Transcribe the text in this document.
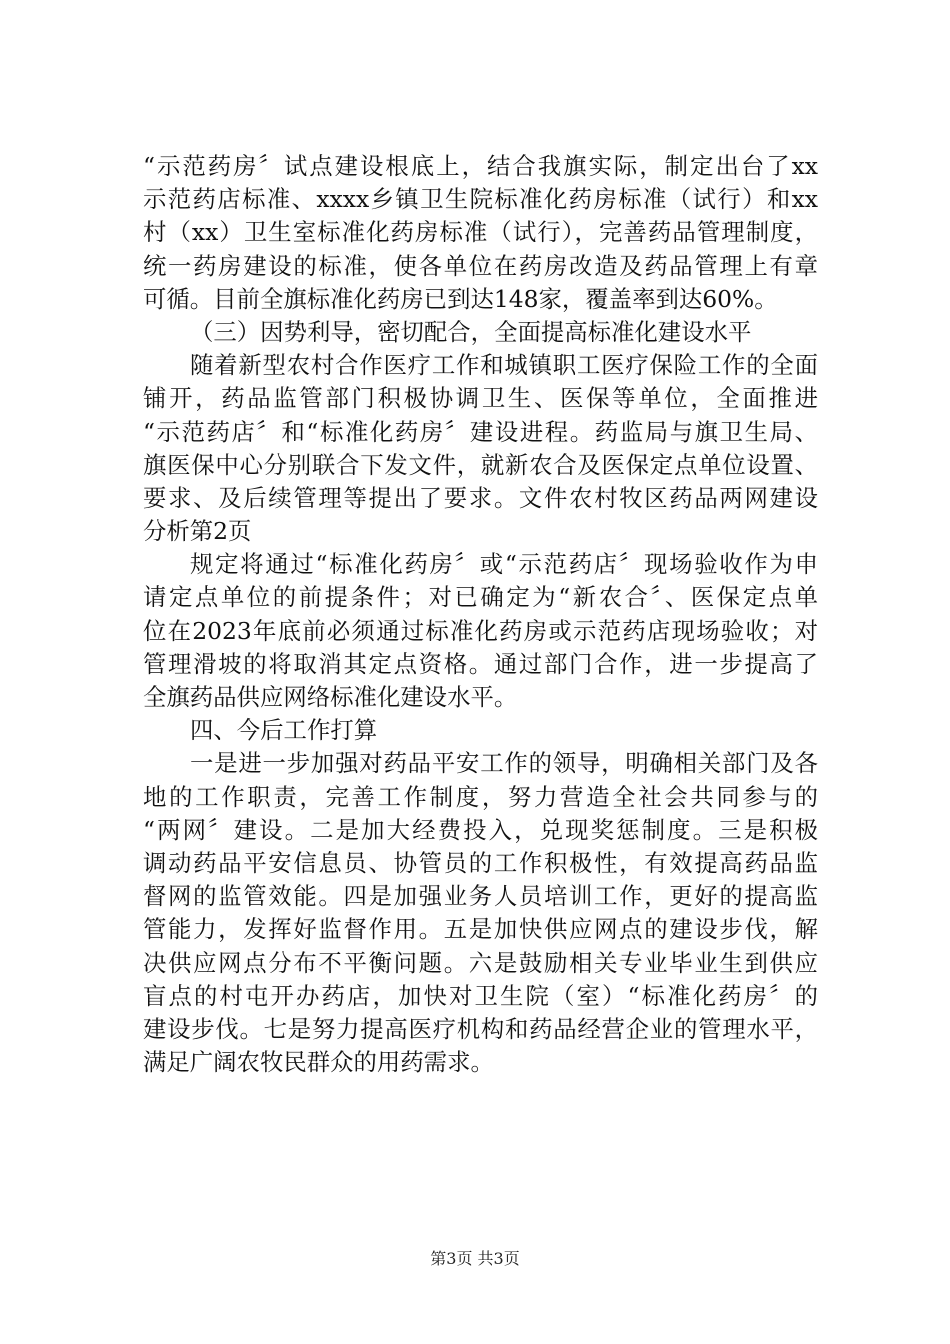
“示范药房〞试点建设根底上，结合我旗实际，制定出台了xx
示范药店标准、xxxx乡镇卫生院标准化药房标准（试行）和xx
村（xx）卫生室标准化药房标准（试行），完善药品管理制度，
统一药房建设的标准，使各单位在药房改造及药品管理上有章
可循。目前全旗标准化药房已到达148家，覆盖率到达60%。
（三）因势利导，密切配合，全面提高标准化建设水平
随着新型农村合作医疗工作和城镇职工医疗保险工作的全面
铺开，药品监管部门积极协调卫生、医保等单位，全面推进
“示范药店〞和“标准化药房〞建设进程。药监局与旗卫生局、
旗医保中心分别联合下发文件，就新农合及医保定点单位设置、
要求、及后续管理等提出了要求。文件农村牧区药品两网建设
分析第2页
规定将通过“标准化药房〞或“示范药店〞现场验收作为申
请定点单位的前提条件；对已确定为“新农合〞、医保定点单
位在2023年底前必须通过标准化药房或示范药店现场验收；对
管理滑坡的将取消其定点资格。通过部门合作，进一步提高了
全旗药品供应网络标准化建设水平。
四、今后工作打算
一是进一步加强对药品平安工作的领导，明确相关部门及各
地的工作职责，完善工作制度，努力营造全社会共同参与的
“两网〞建设。二是加大经费投入，兑现奖惩制度。三是积极
调动药品平安信息员、协管员的工作积极性，有效提高药品监
督网的监管效能。四是加强业务人员培训工作，更好的提高监
管能力，发挥好监督作用。五是加快供应网点的建设步伐，解
决供应网点分布不平衡问题。六是鼓励相关专业毕业生到供应
盲点的村屯开办药店，加快对卫生院（室）“标准化药房〞的
建设步伐。七是努力提高医疗机构和药品经营企业的管理水平，
满足广阔农牧民群众的用药需求。
第3页 共3页
